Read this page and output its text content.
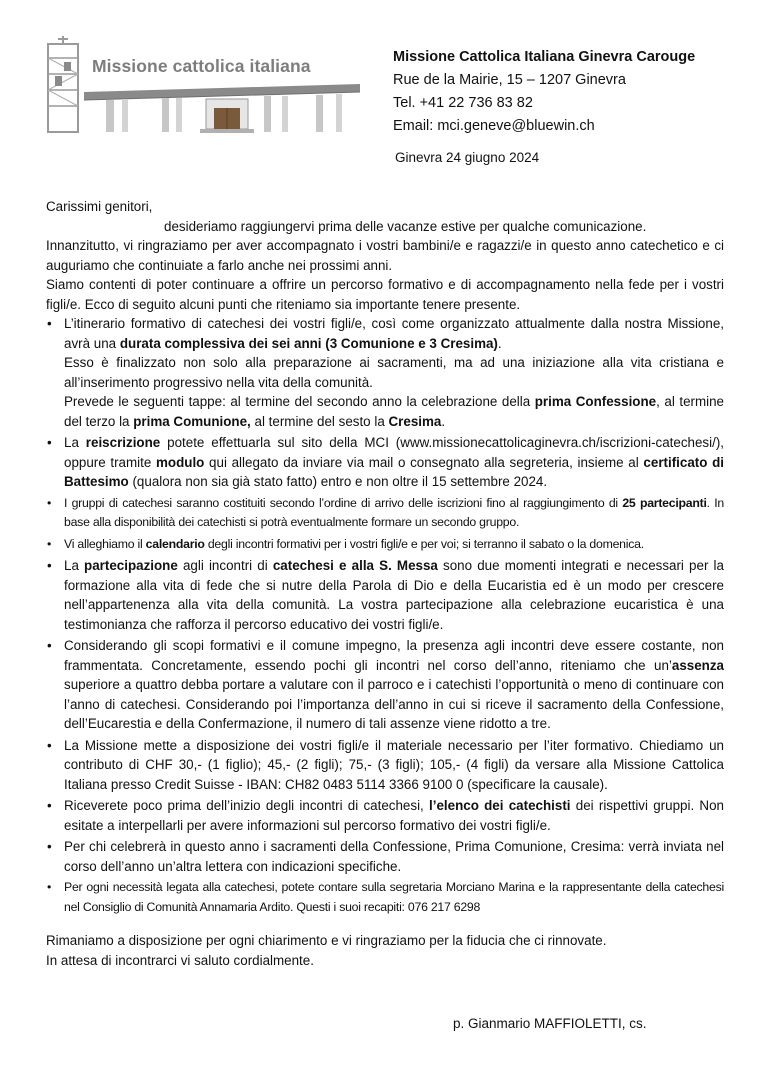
Missione cattolica italiana	Missione Cattolica Italiana Ginevra Carouge
Rue de la Mairie, 15 – 1207 Ginevra
Tel. +41 22 736 83 82
Email: mci.geneve@bluewin.ch
Ginevra 24 giugno 2024

Carissimi genitori,

desideriamo raggiungervi prima delle vacanze estive per qualche comunicazione.

Innanzitutto, vi ringraziamo per aver accompagnato i vostri bambini/e e ragazzi/e in questo anno catechetico e ci auguriamo che continuiate a farlo anche nei prossimi anni.

Siamo contenti di poter continuare a offrire un percorso formativo e di accompagnamento nella fede per i vostri figli/e. Ecco di seguito alcuni punti che riteniamo sia importante tenere presente.

• L’itinerario formativo di catechesi dei vostri figli/e, così come organizzato attualmente dalla nostra Missione, avrà una durata complessiva dei sei anni (3 Comunione e 3 Cresima).

Esso è finalizzato non solo alla preparazione ai sacramenti, ma ad una iniziazione alla vita cristiana e all’inserimento progressivo nella vita della comunità.

Prevede le seguenti tappe: al termine del secondo anno la celebrazione della prima Confessione, al termine del terzo la prima Comunione, al termine del sesto la Cresima.

• La reiscrizione potete effettuarla sul sito della MCI (www.missionecattolicaginevra.ch/iscrizioni-catechesi/), oppure tramite modulo qui allegato da inviare via mail o consegnato alla segreteria, insieme al certificato di Battesimo (qualora non sia già stato fatto) entro e non oltre il 15 settembre 2024.

• I gruppi di catechesi saranno costituiti secondo l’ordine di arrivo delle iscrizioni fino al raggiungimento di 25 partecipanti. In base alla disponibilità dei catechisti si potrà eventualmente formare un secondo gruppo.

• Vi alleghiamo il calendario degli incontri formativi per i vostri figli/e e per voi; si terranno il sabato o la domenica.

• La partecipazione agli incontri di catechesi e alla S. Messa sono due momenti integrati e necessari per la formazione alla vita di fede che si nutre della Parola di Dio e della Eucaristia ed è un modo per crescere nell’appartenenza alla vita della comunità. La vostra partecipazione alla celebrazione eucaristica è una testimonianza che rafforza il percorso educativo dei vostri figli/e.

• Considerando gli scopi formativi e il comune impegno, la presenza agli incontri deve essere costante, non frammentata. Concretamente, essendo pochi gli incontri nel corso dell’anno, riteniamo che un’assenza superiore a quattro debba portare a valutare con il parroco e i catechisti l’opportunità o meno di continuare con l’anno di catechesi. Considerando poi l’importanza dell’anno in cui si riceve il sacramento della Confessione, dell’Eucarestia e della Confermazione, il numero di tali assenze viene ridotto a tre.

• La Missione mette a disposizione dei vostri figli/e il materiale necessario per l’iter formativo. Chiediamo un contributo di CHF 30,- (1 figlio); 45,- (2 figli); 75,- (3 figli); 105,- (4 figli) da versare alla Missione Cattolica Italiana presso Credit Suisse - IBAN: CH82 0483 5114 3366 9100 0 (specificare la causale).

• Riceverete poco prima dell’inizio degli incontri di catechesi, l’elenco dei catechisti dei rispettivi gruppi. Non esitate a interpellarli per avere informazioni sul percorso formativo dei vostri figli/e.

• Per chi celebrerà in questo anno i sacramenti della Confessione, Prima Comunione, Cresima: verrà inviata nel corso dell’anno un’altra lettera con indicazioni specifiche.

• Per ogni necessità legata alla catechesi, potete contare sulla segretaria Morciano Marina e la rappresentante della catechesi nel Consiglio di Comunità Annamaria Ardito. Questi i suoi recapiti: 076 217 6298

Rimaniamo a disposizione per ogni chiarimento e vi ringraziamo per la fiducia che ci rinnovate.

In attesa di incontrarci vi saluto cordialmente.

p. Gianmario MAFFIOLETTI, cs.
